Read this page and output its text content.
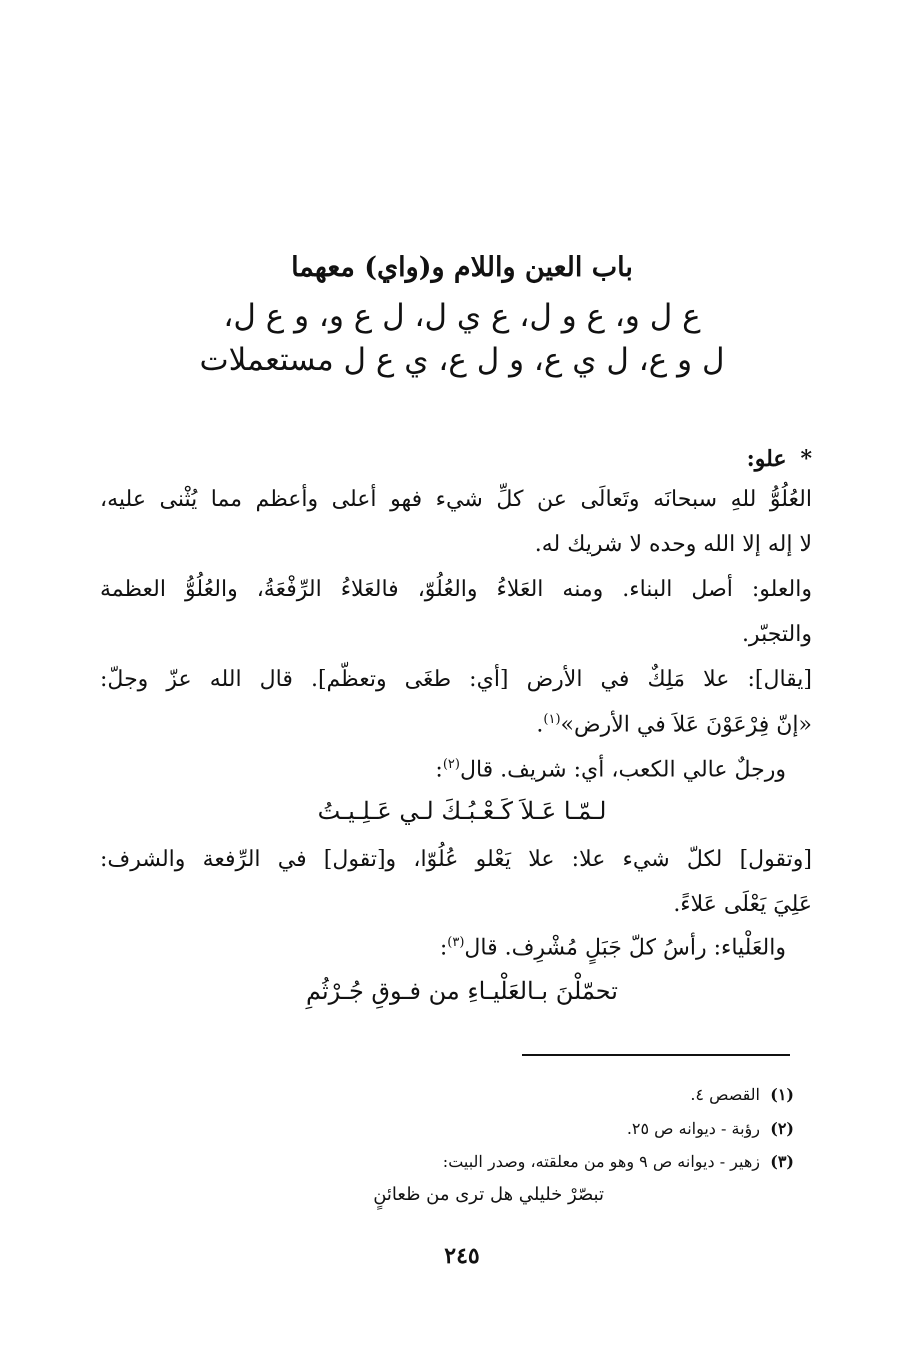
باب العين واللام و(واي) معهما
ع ل و، ع و ل، ع ي ل، ل ع و، و ع ل،
ل و ع، ل ي ع، و ل ع، ي ع ل مستعملات
*علو:
العُلُوُّ للهِ سبحانَه وتَعالَى عن كلِّ شيء فهو أعلى وأعظم مما يُثْنى عليه،
لا إله إلا الله وحده لا شريك له.
والعلو: أصل البناء. ومنه العَلاءُ والعُلُوّ، فالعَلاءُ الرِّفْعَةُ، والعُلُوُّ العظمة
والتجبّر.
[يقال]: علا مَلِكٌ في الأرض [أي: طغَى وتعظّم]. قال الله عزّ وجلّ:
«إنّ فِرْعَوْنَ عَلاَ في الأرض»$^{(١)}$.
ورجلٌ عالي الكعب، أي: شريف. قال$^{(٢)}$:
لـمّـا عَـلاَ كَـعْـبُـكَ لـي عَـلِـيـتُ
[وتقول] لكلّ شيء علا: علا يَعْلو عُلُوّا، و[تقول] في الرِّفعة والشرف:
عَلِيَ يَعْلَى عَلاءً.
والعَلْياء: رأسُ كلّ جَبَلٍ مُشْرِف. قال$^{(٣)}$:
تحمّلْنَ بـالعَلْيـاءِ من فـوقِ جُـرْثُمِ
(١)القصص ٤.
(٢)رؤبة - ديوانه ص ٢٥.
(٣)زهير - ديوانه ص ٩ وهو من معلقته، وصدر البيت:
تبصّرْ خليلي هل ترى من ظعائنٍ
٢٤٥
